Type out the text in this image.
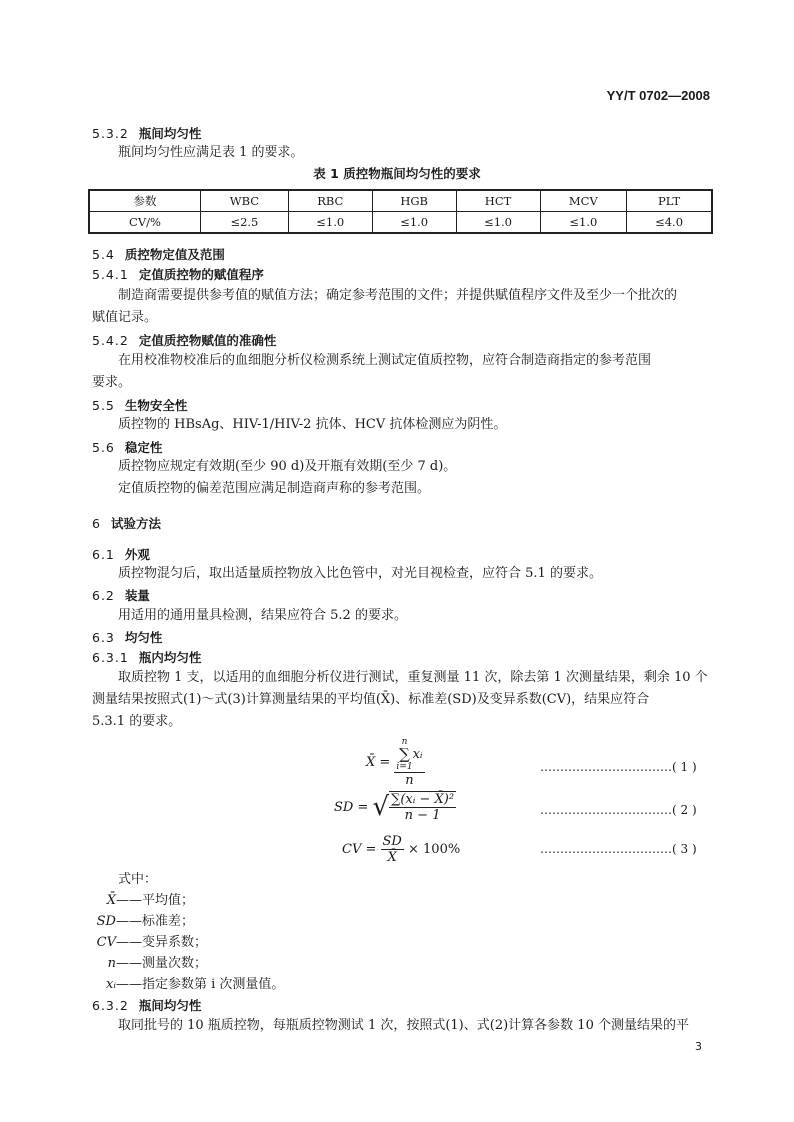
YY/T 0702—2008
5.3.2 瓶间均匀性
瓶间均匀性应满足表 1 的要求。
表 1 质控物瓶间均匀性的要求
参数	WBC	RBC	HGB	HCT	MCV	PLT
CV/%	≤2.5	≤1.0	≤1.0	≤1.0	≤1.0	≤4.0
5.4 质控物定值及范围
5.4.1 定值质控物的赋值程序
制造商需要提供参考值的赋值方法；确定参考范围的文件；并提供赋值程序文件及至少一个批次的
赋值记录。
5.4.2 定值质控物赋值的准确性
在用校准物校准后的血细胞分析仪检测系统上测试定值质控物，应符合制造商指定的参考范围
要求。
5.5 生物安全性
质控物的 HBsAg、HIV-1/HIV-2 抗体、HCV 抗体检测应为阴性。
5.6 稳定性
质控物应规定有效期(至少 90 d)及开瓶有效期(至少 7 d)。
定值质控物的偏差范围应满足制造商声称的参考范围。
6 试验方法
6.1 外观
质控物混匀后，取出适量质控物放入比色管中，对光目视检查，应符合 5.1 的要求。
6.2 装量
用适用的通用量具检测，结果应符合 5.2 的要求。
6.3 均匀性
6.3.1 瓶内均匀性
取质控物 1 支，以适用的血细胞分析仪进行测试，重复测量 11 次，除去第 1 次测量结果，剩余 10 个
测量结果按照式(1)～式(3)计算测量结果的平均值(X̄)、标准差(SD)及变异系数(CV)，结果应符合
5.3.1 的要求。
X̄ = n
∑
i=1
xᵢ
n	……………………………( 1 )
SD = √ $\frac{\text{∑(xᵢ − X̄)²}}{n - 1}$	……………………………( 2 )
CV = $\frac{SD}{X̄} \times 100\%$	……………………………( 3 )
式中：
X̄——平均值；
SD——标准差；
CV——变异系数；
n——测量次数；
xᵢ——指定参数第 i 次测量值。
6.3.2 瓶间均匀性
取同批号的 10 瓶质控物，每瓶质控物测试 1 次，按照式(1)、式(2)计算各参数 10 个测量结果的平
3
